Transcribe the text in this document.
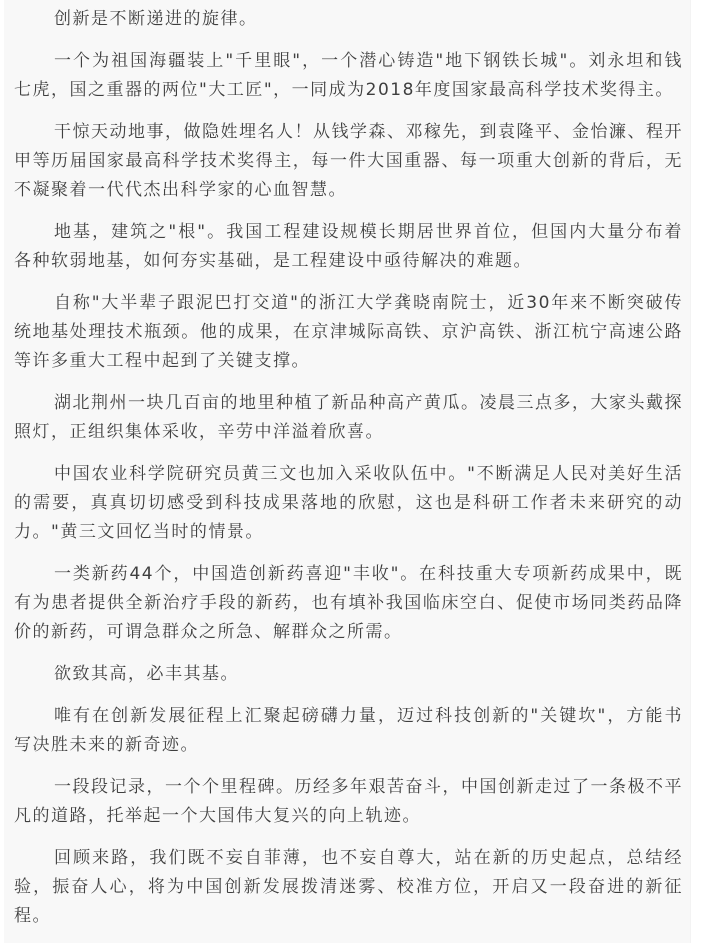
创新是不断递进的旋律。

一个为祖国海疆装上"千里眼"，一个潜心铸造"地下钢铁长城"。刘永坦和钱七虎，国之重器的两位"大工匠"，一同成为2018年度国家最高科学技术奖得主。

干惊天动地事，做隐姓埋名人！从钱学森、邓稼先，到袁隆平、金怡濂、程开甲等历届国家最高科学技术奖得主，每一件大国重器、每一项重大创新的背后，无不凝聚着一代代杰出科学家的心血智慧。

地基，建筑之"根"。我国工程建设规模长期居世界首位，但国内大量分布着各种软弱地基，如何夯实基础，是工程建设中亟待解决的难题。

自称"大半辈子跟泥巴打交道"的浙江大学龚晓南院士，近30年来不断突破传统地基处理技术瓶颈。他的成果，在京津城际高铁、京沪高铁、浙江杭宁高速公路等许多重大工程中起到了关键支撑。

湖北荆州一块几百亩的地里种植了新品种高产黄瓜。凌晨三点多，大家头戴探照灯，正组织集体采收，辛劳中洋溢着欣喜。

中国农业科学院研究员黄三文也加入采收队伍中。"不断满足人民对美好生活的需要，真真切切感受到科技成果落地的欣慰，这也是科研工作者未来研究的动力。"黄三文回忆当时的情景。

一类新药44个，中国造创新药喜迎"丰收"。在科技重大专项新药成果中，既有为患者提供全新治疗手段的新药，也有填补我国临床空白、促使市场同类药品降价的新药，可谓急群众之所急、解群众之所需。

欲致其高，必丰其基。

唯有在创新发展征程上汇聚起磅礴力量，迈过科技创新的"关键坎"，方能书写决胜未来的新奇迹。

一段段记录，一个个里程碑。历经多年艰苦奋斗，中国创新走过了一条极不平凡的道路，托举起一个大国伟大复兴的向上轨迹。

回顾来路，我们既不妄自菲薄，也不妄自尊大，站在新的历史起点，总结经验，振奋人心，将为中国创新发展拨清迷雾、校准方位，开启又一段奋进的新征程。
